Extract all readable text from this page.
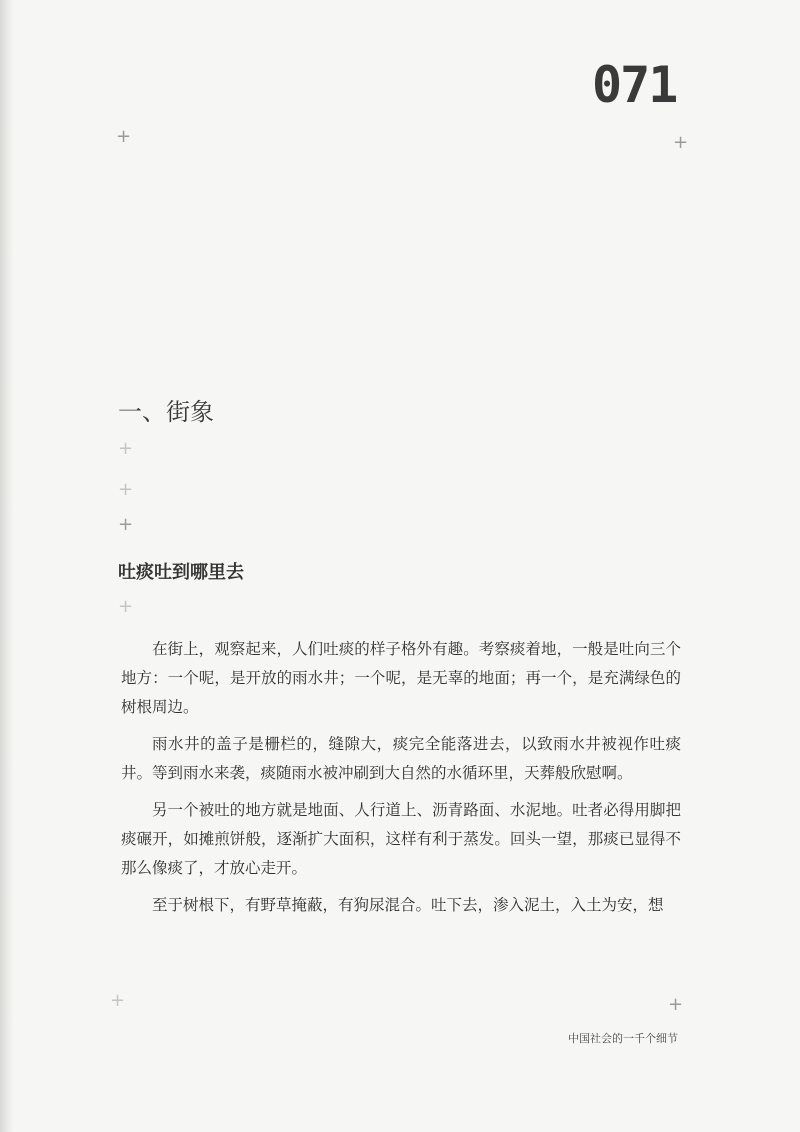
071
+	+
+
+
+
+
+	+
一、街象
吐痰吐到哪里去

在街上，观察起来，人们吐痰的样子格外有趣。考察痰着地，一般是吐向三个地方：一个呢，是开放的雨水井；一个呢，是无辜的地面；再一个，是充满绿色的树根周边。

雨水井的盖子是栅栏的，缝隙大，痰完全能落进去，以致雨水井被视作吐痰井。等到雨水来袭，痰随雨水被冲刷到大自然的水循环里，天葬般欣慰啊。

另一个被吐的地方就是地面、人行道上、沥青路面、水泥地。吐者必得用脚把痰碾开，如摊煎饼般，逐渐扩大面积，这样有利于蒸发。回头一望，那痰已显得不那么像痰了，才放心走开。

至于树根下，有野草掩蔽，有狗尿混合。吐下去，渗入泥土，入土为安，想

中国社会的一千个细节
